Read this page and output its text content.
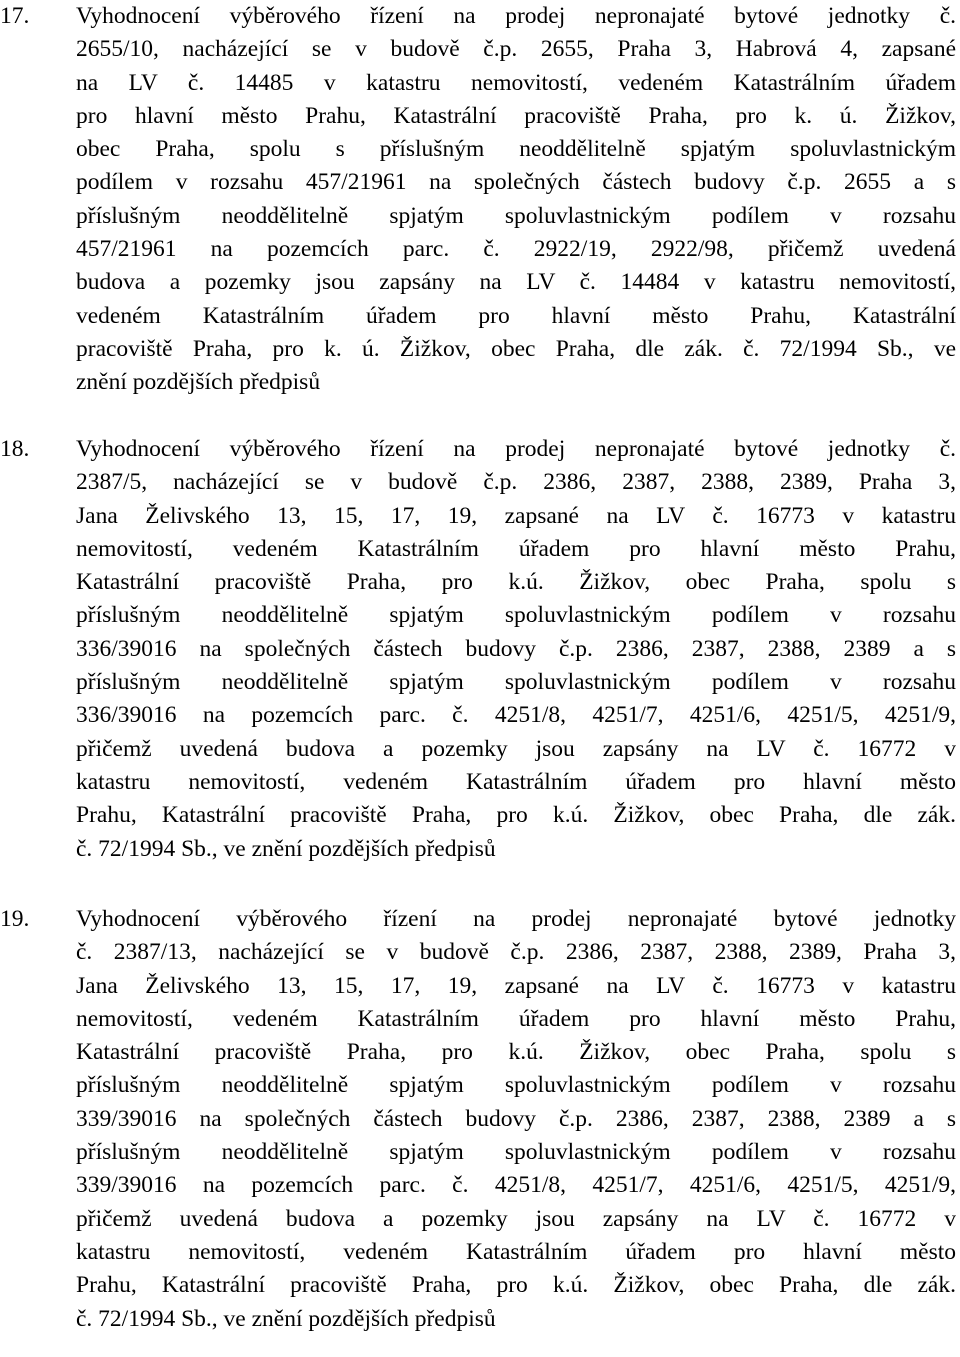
17. Vyhodnocení výběrového řízení na prodej nepronajaté bytové jednotky č.
2655/10, nacházející se v budově č.p. 2655, Praha 3, Habrová 4, zapsané
na LV č. 14485 v katastru nemovitostí, vedeném Katastrálním úřadem
pro hlavní město Prahu, Katastrální pracoviště Praha, pro k. ú. Žižkov,
obec Praha, spolu s příslušným neoddělitelně spjatým spoluvlastnickým
podílem v rozsahu 457/21961 na společných částech budovy č.p. 2655 a s
příslušným neoddělitelně spjatým spoluvlastnickým podílem v rozsahu
457/21961 na pozemcích parc. č. 2922/19, 2922/98, přičemž uvedená
budova a pozemky jsou zapsány na LV č. 14484 v katastru nemovitostí,
vedeném Katastrálním úřadem pro hlavní město Prahu, Katastrální
pracoviště Praha, pro k. ú. Žižkov, obec Praha, dle zák. č. 72/1994 Sb., ve
znění pozdějších předpisů
18. Vyhodnocení výběrového řízení na prodej nepronajaté bytové jednotky č.
2387/5, nacházející se v budově č.p. 2386, 2387, 2388, 2389, Praha 3,
Jana Želivského 13, 15, 17, 19, zapsané na LV č. 16773 v katastru
nemovitostí, vedeném Katastrálním úřadem pro hlavní město Prahu,
Katastrální pracoviště Praha, pro k.ú. Žižkov, obec Praha, spolu s
příslušným neoddělitelně spjatým spoluvlastnickým podílem v rozsahu
336/39016 na společných částech budovy č.p. 2386, 2387, 2388, 2389 a s
příslušným neoddělitelně spjatým spoluvlastnickým podílem v rozsahu
336/39016 na pozemcích parc. č. 4251/8, 4251/7, 4251/6, 4251/5, 4251/9,
přičemž uvedená budova a pozemky jsou zapsány na LV č. 16772 v
katastru nemovitostí, vedeném Katastrálním úřadem pro hlavní město
Prahu, Katastrální pracoviště Praha, pro k.ú. Žižkov, obec Praha, dle zák.
č. 72/1994 Sb., ve znění pozdějších předpisů
19. Vyhodnocení výběrového řízení na prodej nepronajaté bytové jednotky
č. 2387/13, nacházející se v budově č.p. 2386, 2387, 2388, 2389, Praha 3,
Jana Želivského 13, 15, 17, 19, zapsané na LV č. 16773 v katastru
nemovitostí, vedeném Katastrálním úřadem pro hlavní město Prahu,
Katastrální pracoviště Praha, pro k.ú. Žižkov, obec Praha, spolu s
příslušným neoddělitelně spjatým spoluvlastnickým podílem v rozsahu
339/39016 na společných částech budovy č.p. 2386, 2387, 2388, 2389 a s
příslušným neoddělitelně spjatým spoluvlastnickým podílem v rozsahu
339/39016 na pozemcích parc. č. 4251/8, 4251/7, 4251/6, 4251/5, 4251/9,
přičemž uvedená budova a pozemky jsou zapsány na LV č. 16772 v
katastru nemovitostí, vedeném Katastrálním úřadem pro hlavní město
Prahu, Katastrální pracoviště Praha, pro k.ú. Žižkov, obec Praha, dle zák.
č. 72/1994 Sb., ve znění pozdějších předpisů
